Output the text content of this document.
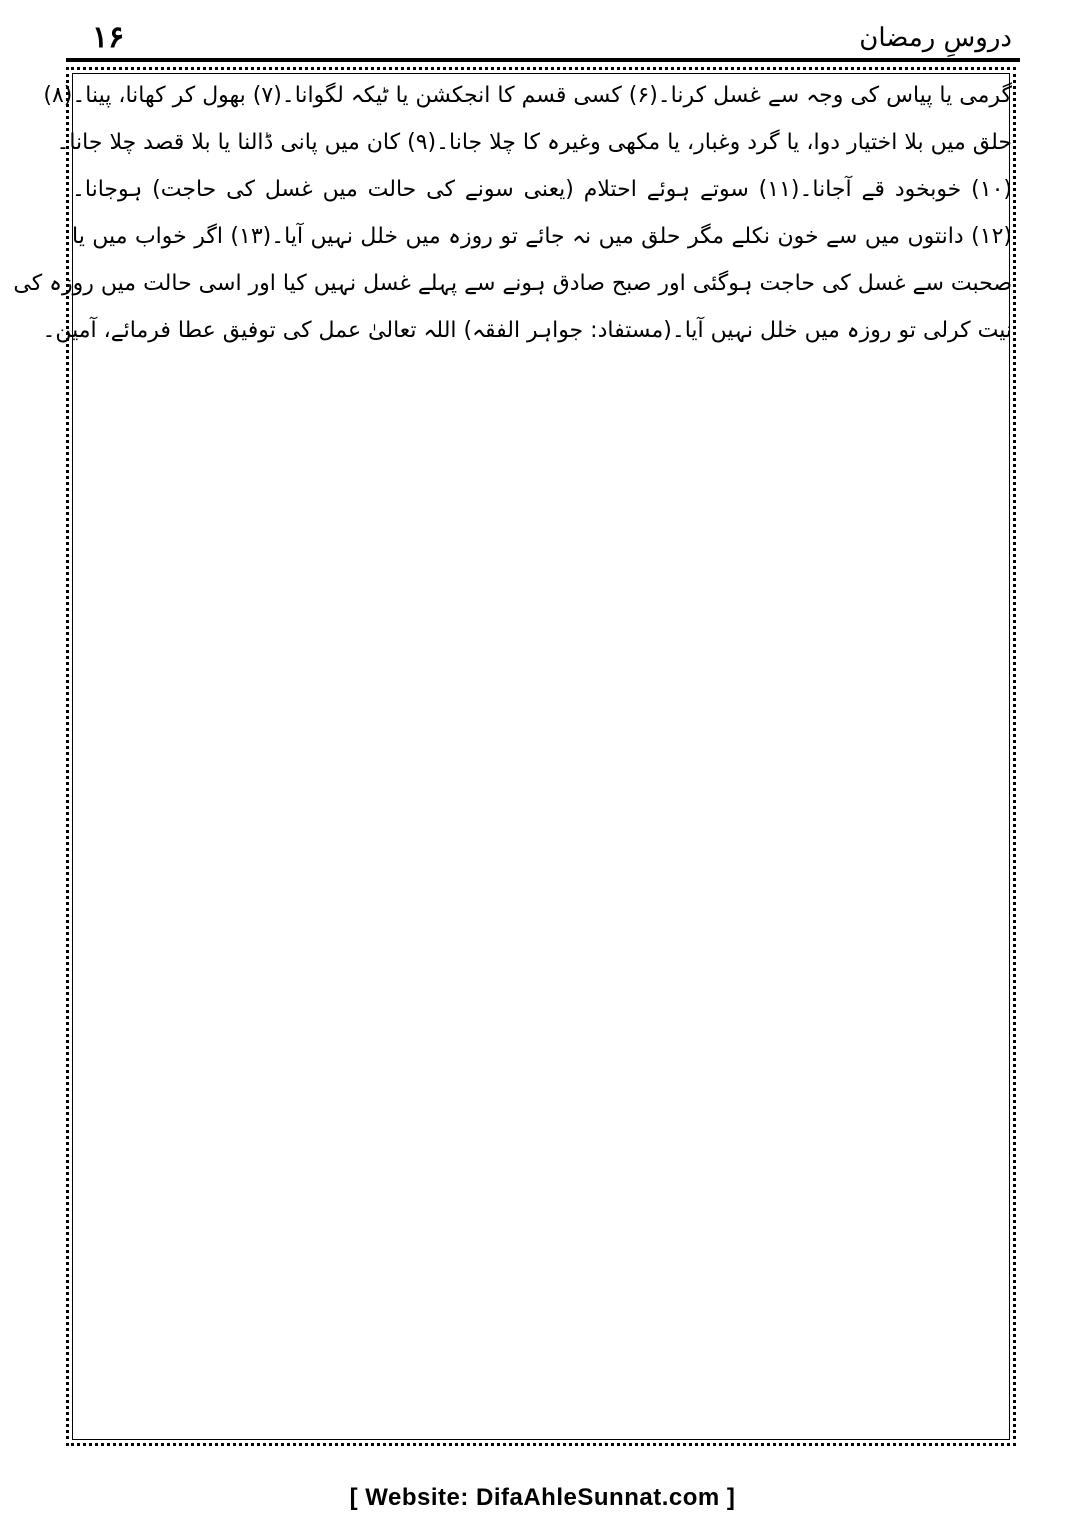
۱۶	دروسِ رمضان
گرمی یا پیاس کی وجہ سے غسل کرنا۔(۶) کسی قسم کا انجکشن یا ٹیکہ لگوانا۔(۷) بھول کر کھانا، پینا۔(۸)
حلق میں بلا اختیار دوا، یا گرد وغبار، یا مکھی وغیرہ کا چلا جانا۔(۹) کان میں پانی ڈالنا یا بلا قصد چلا جانا۔
(۱۰) خوبخود قے آجانا۔(۱۱) سوتے ہوئے احتلام (یعنی سونے کی حالت میں غسل کی حاجت) ہوجانا۔
(۱۲) دانتوں میں سے خون نکلے مگر حلق میں نہ جائے تو روزہ میں خلل نہیں آیا۔(۱۳) اگر خواب میں یا
صحبت سے غسل کی حاجت ہوگئی اور صبح صادق ہونے سے پہلے غسل نہیں کیا اور اسی حالت میں روزہ کی
نیت کرلی تو روزہ میں خلل نہیں آیا۔(مستفاد: جواہر الفقہ) اللہ تعالیٰ عمل کی توفیق عطا فرمائے، آمین۔
[ Website: DifaAhleSunnat.com ]
